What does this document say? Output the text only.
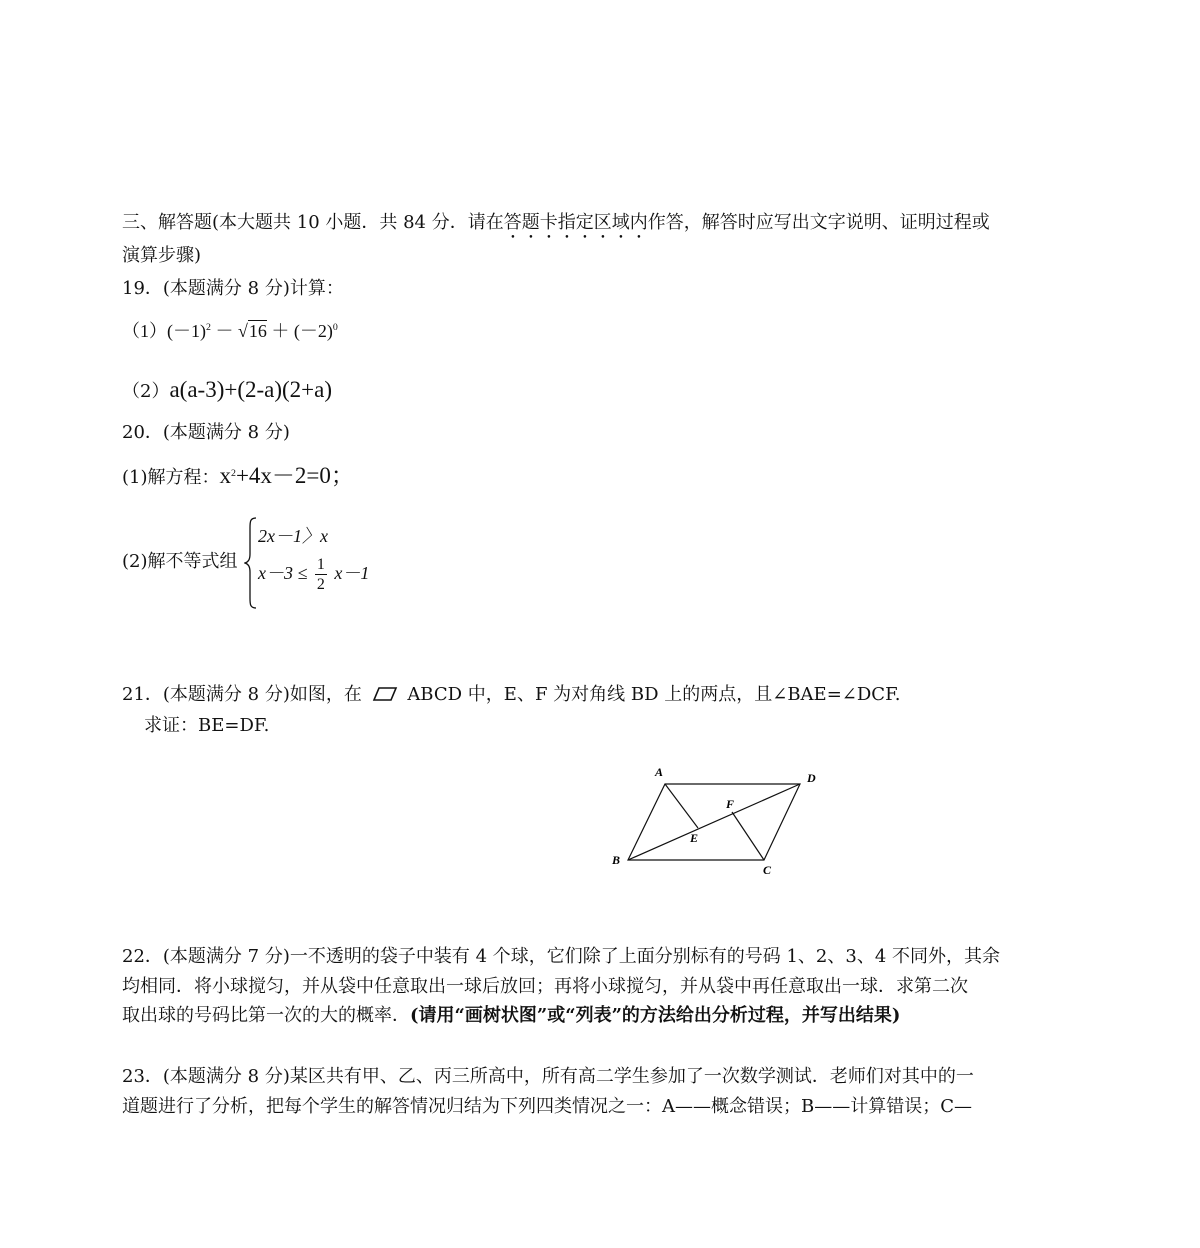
三、解答题(本大题共 10 小题．共 84 分．请在答题卡指定区域内作答，解答时应写出文字说明、证明过程或
演算步骤)
19．(本题满分 8 分)计算：
$(1)(-1)^2 - √16 + (-2)^0$
（2）a(a-3)+(2-a)(2+a)
20．(本题满分 8 分)
(1)解方程：$x^2+4x-2=0$；
(2)解不等式组
2x－1〉x
$x-3 \le \frac{1}{2} x-1$
21．(本题满分 8 分)如图，在	ABCD 中，E、F 为对角线 BD 上的两点，且∠BAE=∠DCF.
求证：BE=DF.
A	D
F
E
B
C
22．(本题满分 7 分)一不透明的袋子中装有 4 个球，它们除了上面分别标有的号码 1、2、3、4 不同外，其余
均相同．将小球搅匀，并从袋中任意取出一球后放回；再将小球搅匀，并从袋中再任意取出一球．求第二次
取出球的号码比第一次的大的概率．(请用“画树状图”或“列表”的方法给出分析过程，并写出结果)
23．(本题满分 8 分)某区共有甲、乙、丙三所高中，所有高二学生参加了一次数学测试．老师们对其中的一
道题进行了分析，把每个学生的解答情况归结为下列四类情况之一：A——概念错误；B——计算错误；C—
